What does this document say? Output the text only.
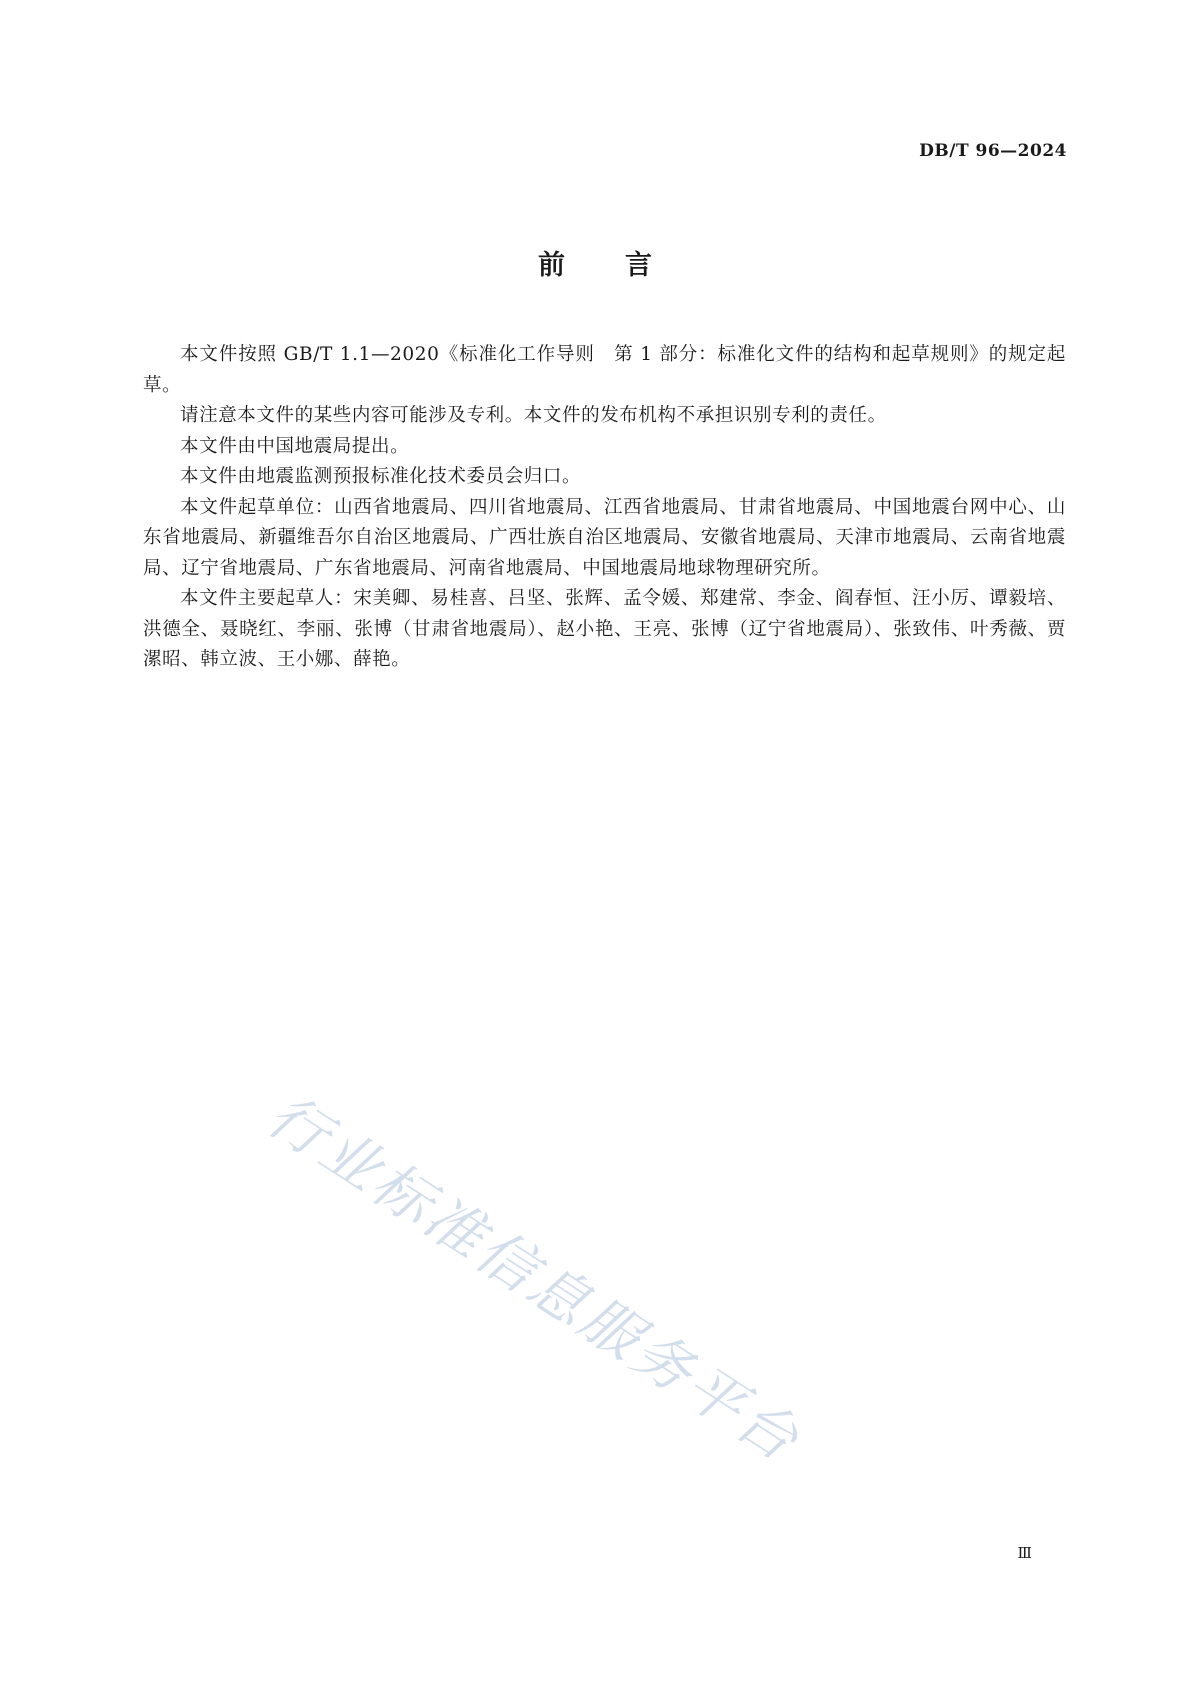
DB/T 96—2024
前言

本文件按照 GB/T 1.1—2020《标准化工作导则　第 1 部分：标准化文件的结构和起草规则》的规定起草。

请注意本文件的某些内容可能涉及专利。本文件的发布机构不承担识别专利的责任。

本文件由中国地震局提出。

本文件由地震监测预报标准化技术委员会归口。

本文件起草单位：山西省地震局、四川省地震局、江西省地震局、甘肃省地震局、中国地震台网中心、山东省地震局、新疆维吾尔自治区地震局、广西壮族自治区地震局、安徽省地震局、天津市地震局、云南省地震局、辽宁省地震局、广东省地震局、河南省地震局、中国地震局地球物理研究所。

本文件主要起草人：宋美卿、易桂喜、吕坚、张辉、孟令媛、郑建常、李金、阎春恒、汪小厉、谭毅培、洪德全、聂晓红、李丽、张博（甘肃省地震局）、赵小艳、王亮、张博（辽宁省地震局）、张致伟、叶秀薇、贾漯昭、韩立波、王小娜、薛艳。

行业标准信息服务平台
Ⅲ
